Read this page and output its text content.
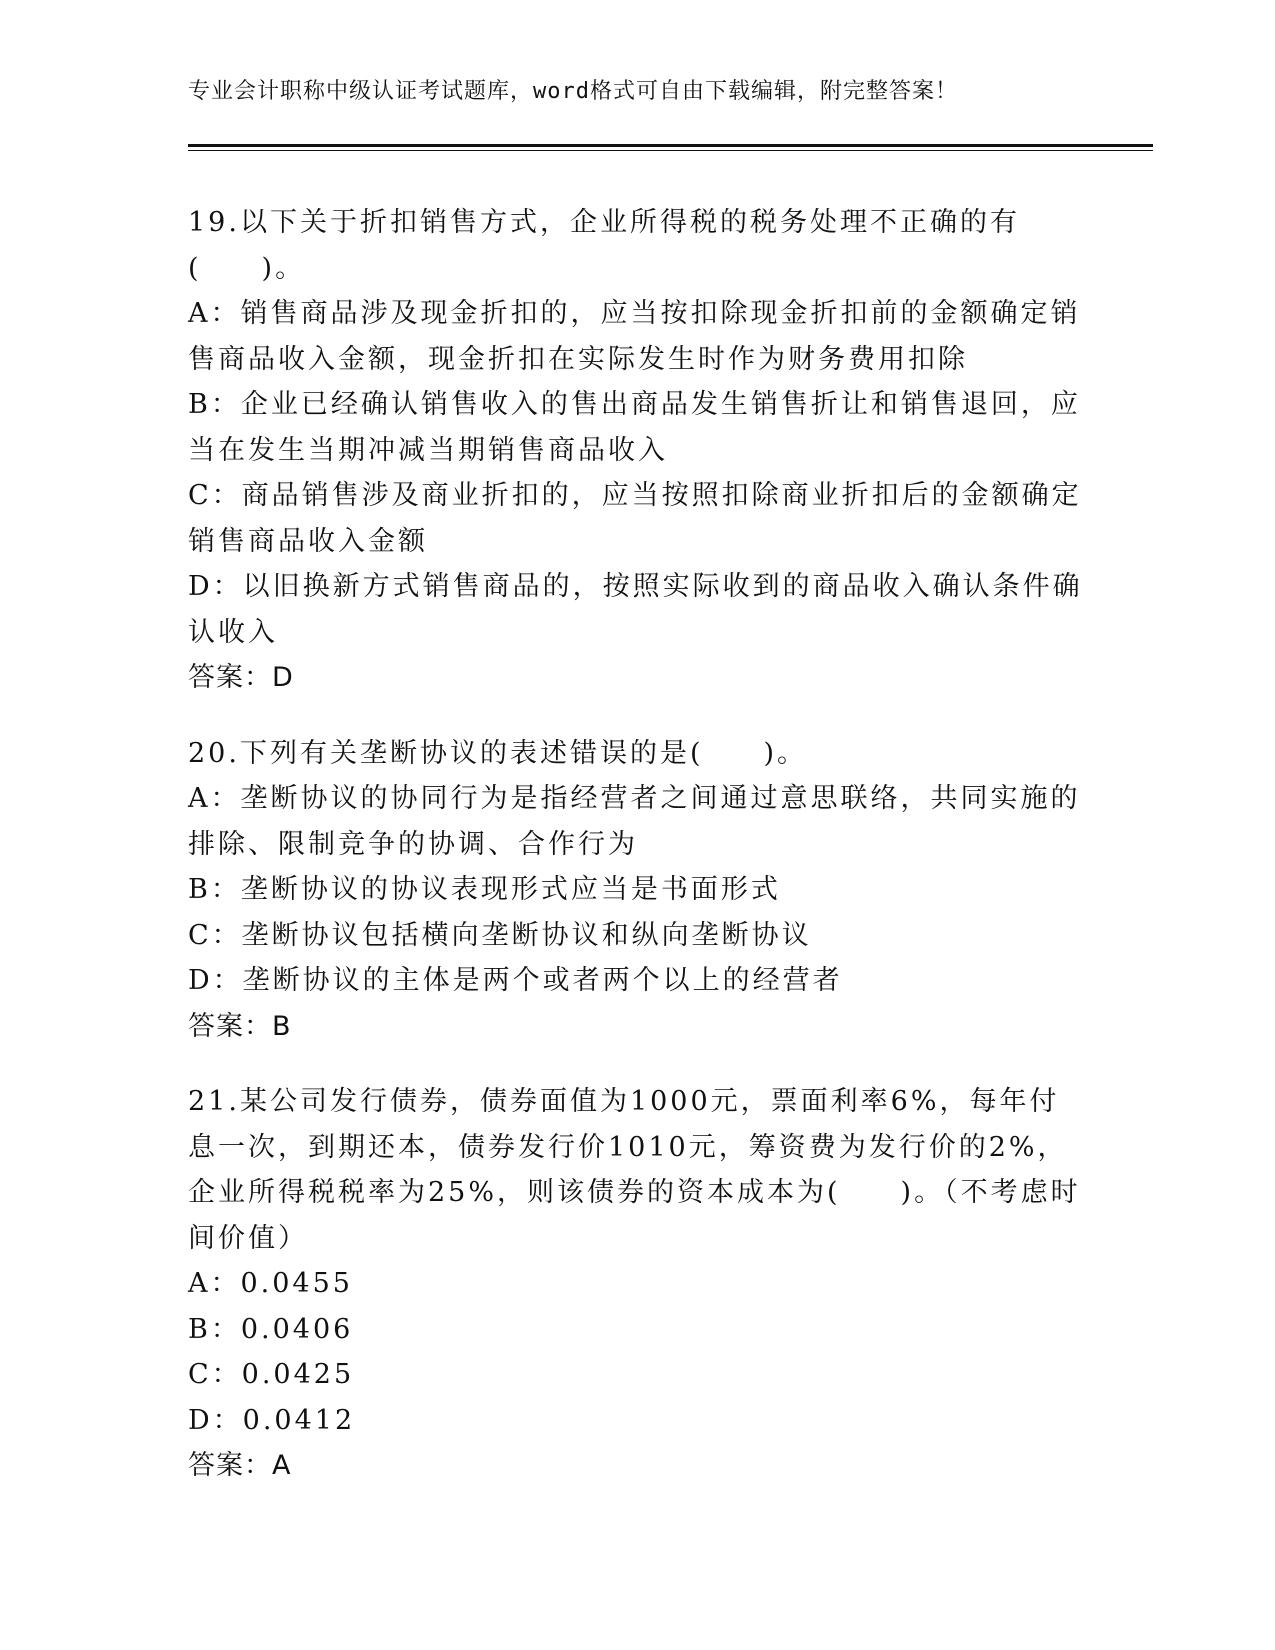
专业会计职称中级认证考试题库，word格式可自由下载编辑，附完整答案！

19.以下关于折扣销售方式，企业所得税的税务处理不正确的有(　　)。

A：销售商品涉及现金折扣的，应当按扣除现金折扣前的金额确定销售商品收入金额，现金折扣在实际发生时作为财务费用扣除

B：企业已经确认销售收入的售出商品发生销售折让和销售退回，应当在发生当期冲减当期销售商品收入

C：商品销售涉及商业折扣的，应当按照扣除商业折扣后的金额确定销售商品收入金额

D：以旧换新方式销售商品的，按照实际收到的商品收入确认条件确认收入

答案：D

20.下列有关垄断协议的表述错误的是(　　)。

A：垄断协议的协同行为是指经营者之间通过意思联络，共同实施的排除、限制竞争的协调、合作行为

B：垄断协议的协议表现形式应当是书面形式

C：垄断协议包括横向垄断协议和纵向垄断协议

D：垄断协议的主体是两个或者两个以上的经营者

答案：B

21.某公司发行债券，债券面值为1000元，票面利率6%，每年付息一次，到期还本，债券发行价1010元，筹资费为发行价的2%，企业所得税税率为25%，则该债券的资本成本为(　　)。（不考虑时间价值）

A：0.0455

B：0.0406

C：0.0425

D：0.0412

答案：A
